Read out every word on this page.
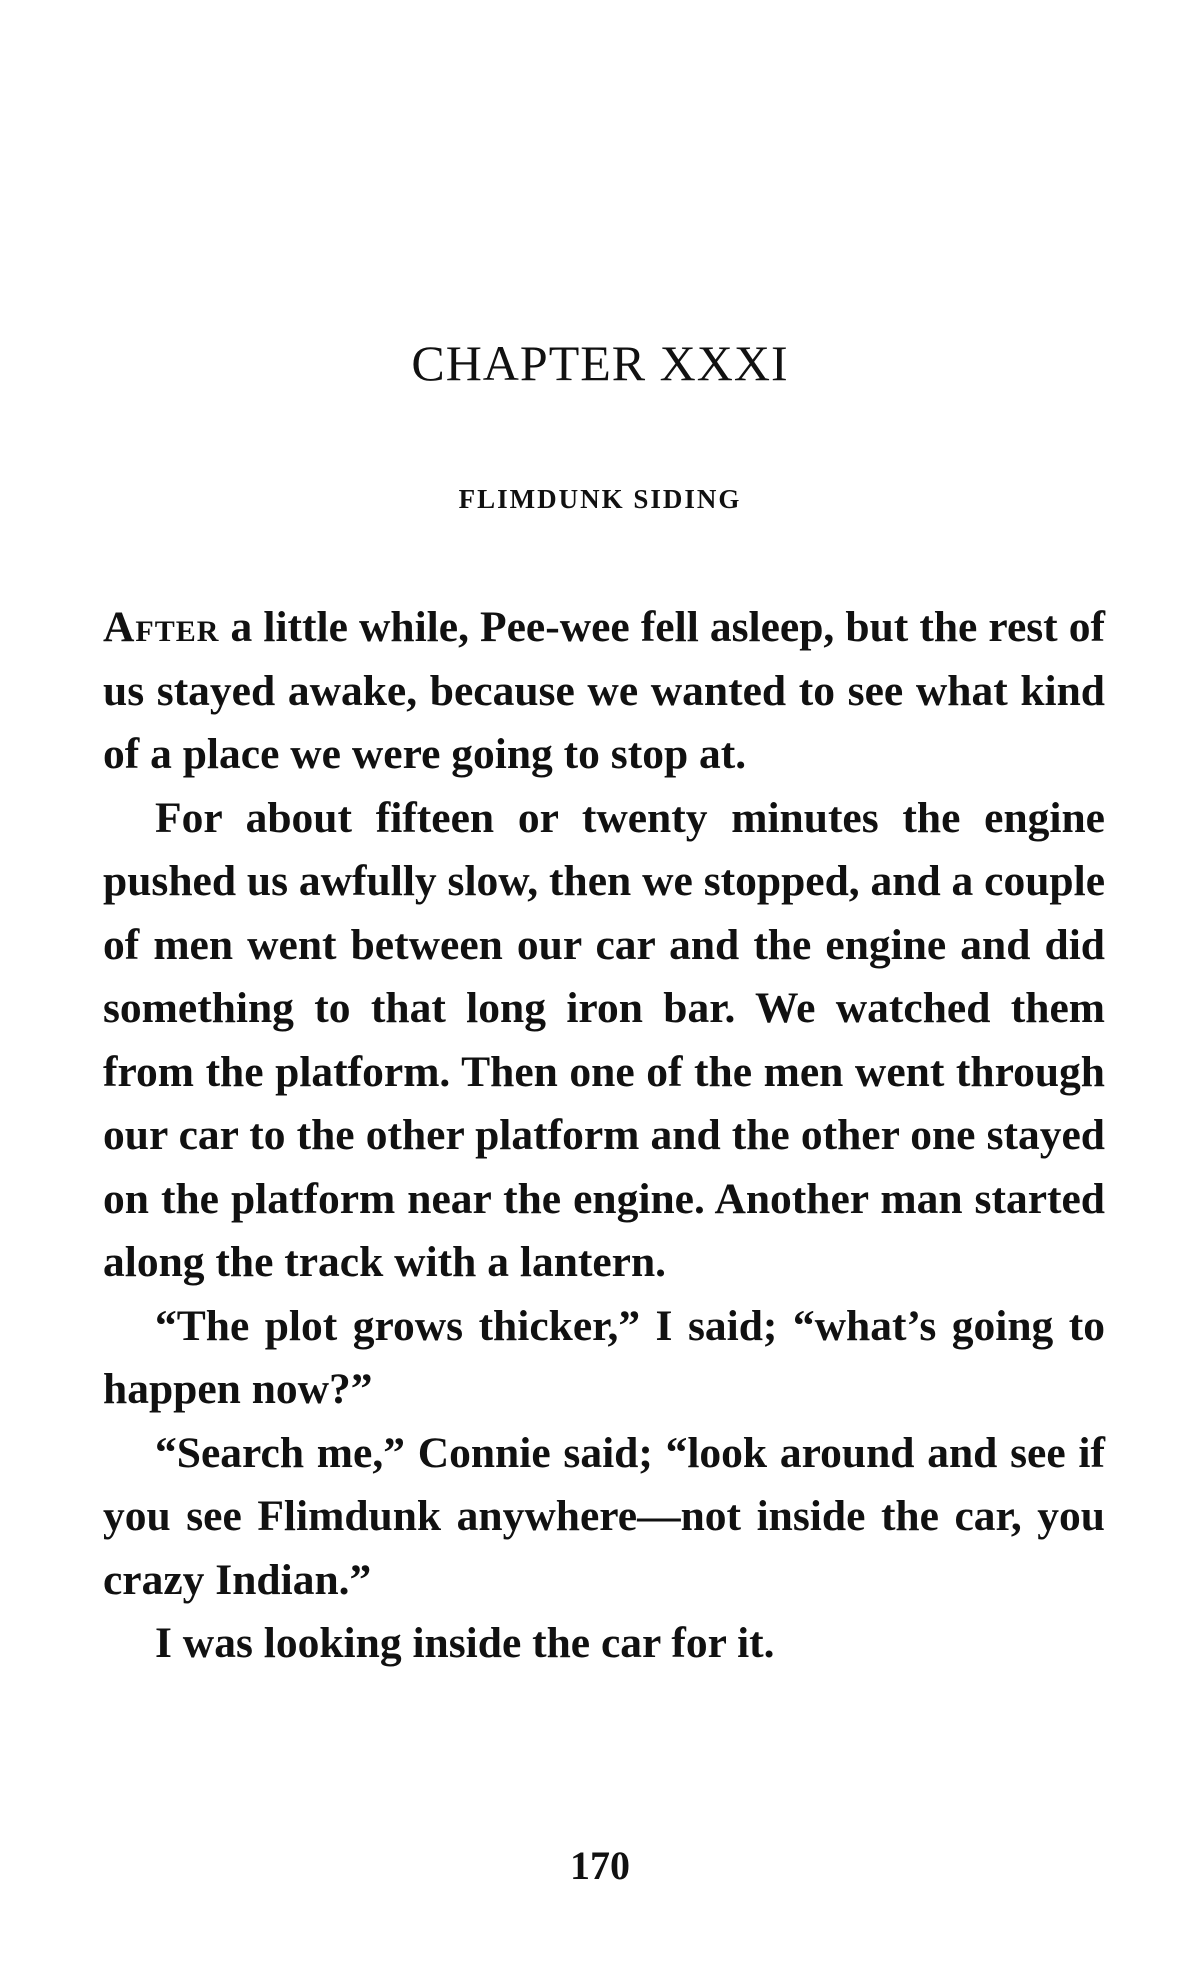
CHAPTER XXXI
FLIMDUNK SIDING

After a little while, Pee-wee fell asleep, but the rest of us stayed awake, because we wanted to see what kind of a place we were going to stop at.

For about fifteen or twenty minutes the engine pushed us awfully slow, then we stopped, and a couple of men went between our car and the engine and did something to that long iron bar. We watched them from the platform. Then one of the men went through our car to the other platform and the other one stayed on the platform near the engine. Another man started along the track with a lantern.

“The plot grows thicker,” I said; “what’s going to happen now?”

“Search me,” Connie said; “look around and see if you see Flimdunk anywhere—not inside the car, you crazy Indian.”

I was looking inside the car for it.

170
